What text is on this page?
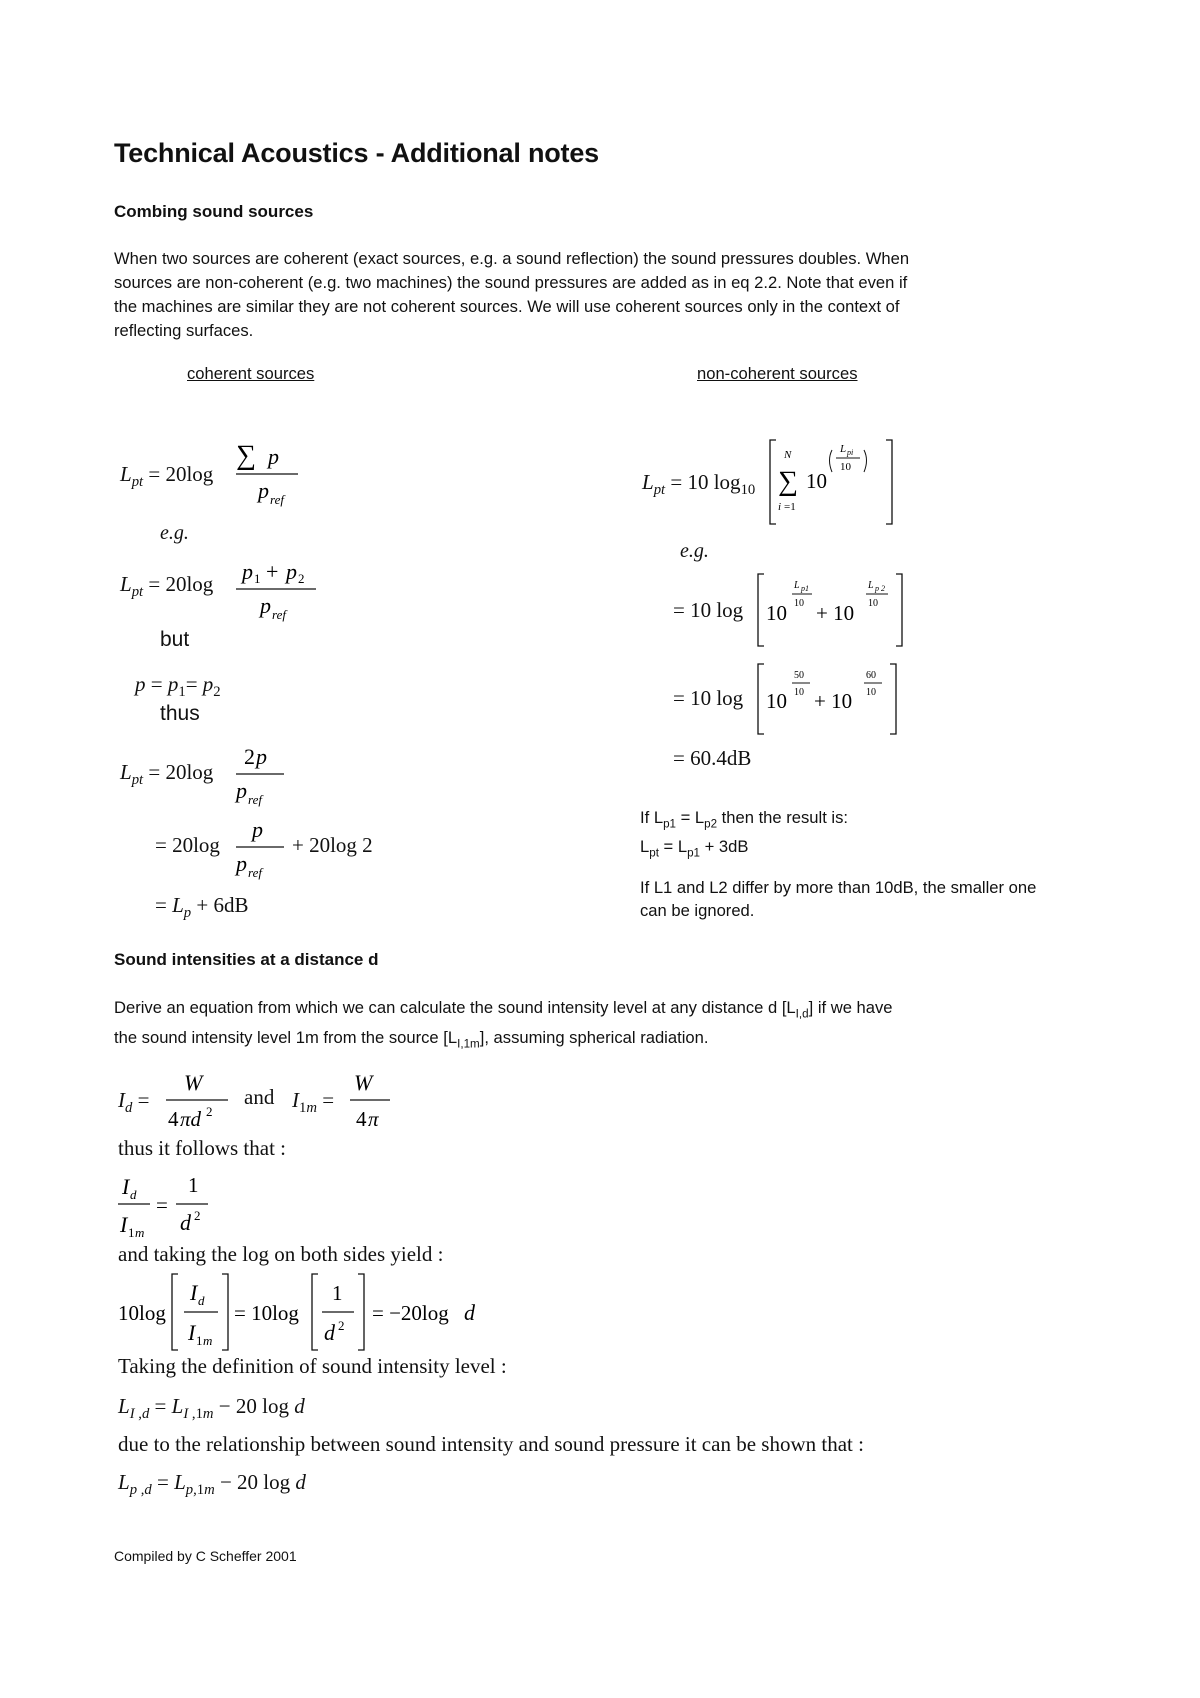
Technical Acoustics - Additional notes
Combing sound sources
When two sources are coherent (exact sources, e.g. a sound reflection) the sound pressures doubles. When
sources are non-coherent (e.g. two machines) the sound pressures are added as in eq 2.2. Note that even if
the machines are similar they are not coherent sources. We will use coherent sources only in the context of
reflecting surfaces.
coherent sources	non-coherent sources
$L_{pt} = 20\log$
∑ p
p ref
e.g.
$L_{pt} = 20\log$ p 1 + p 2
p ref
but
$p = p_1= p_2$
thus
$L_{pt} = 20\log$
2 p
p ref
= 20log
p
p ref
+ 20log 2
= $L_p + 6dB$
$L_{pt} = 10$ $\log_{10}$
N
∑
i =1
10
L pi
10
e.g.
= 10 log 10
L p1
10 + 10
L p 2
10
= 10 log 10
50
10 + 10
60
10
= 60.4dB
If $L_{p1} = L_{p2}$ then the result is:
$L_{pt} = L_{p1} + 3dB$
If L1 and L2 differ by more than 10dB, the smaller one
can be ignored.
Sound intensities at a distance d
Derive an equation from which we can calculate the sound intensity level at any distance d $[L_{I,d}]$ if we have
the sound intensity level 1m from the source $[L_{I,1m}]$, assuming spherical radiation.
$I_d$ =
W
4 πd 2
and $I_{1m}$ =
W
4 π
thus it follows that :
I d
I 1 m
=
1
d 2
and taking the log on both sides yield :
10log
I d
I 1 m
= 10log
1
d 2
= −20log d
Taking the definition of sound intensity level :
$L_{I ,d} = L_{I ,1m} - 20$ log d
due to the relationship between sound intensity and sound pressure it can be shown that :
$L_{p ,d} = L_{p,1m} - 20$ log d
Compiled by C Scheffer 2001
